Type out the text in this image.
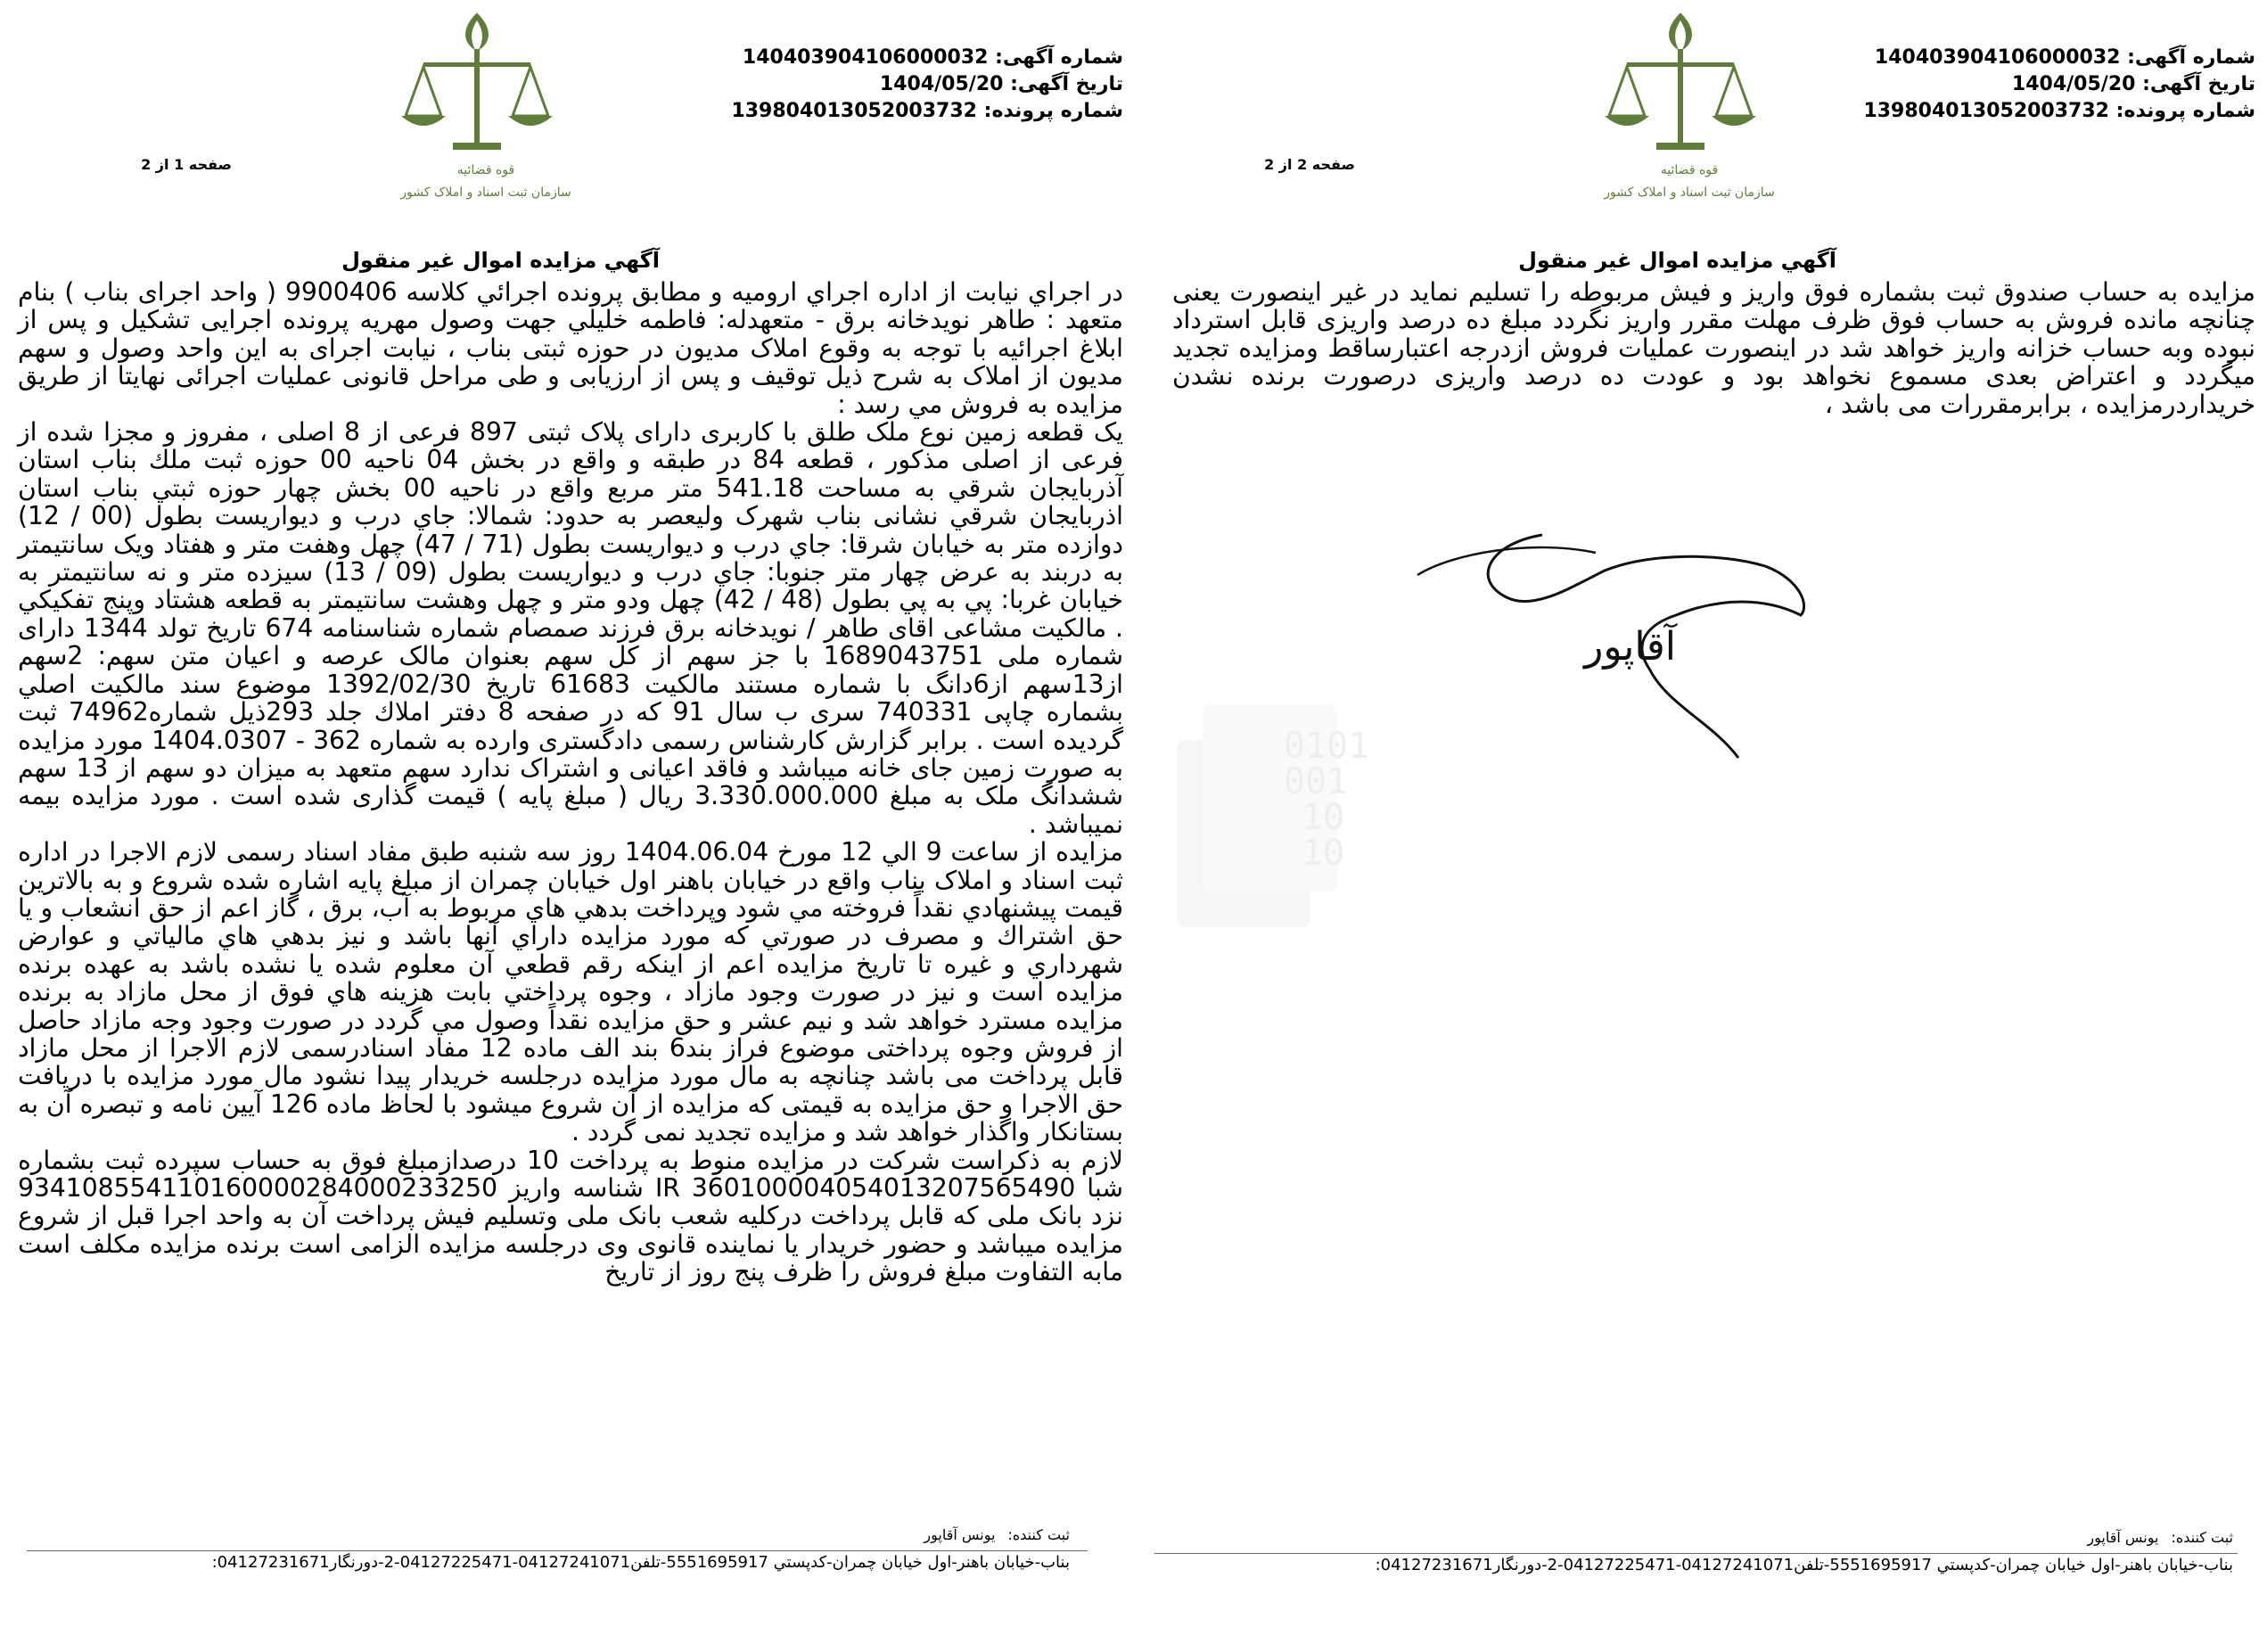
0101
001
10
10
شماره آگهی: 140403904106000032
تاریخ آگهی: 1404/05/20
شماره پرونده: 139804013052003732
قوه قضائیه
سازمان ثبت اسناد و املاک کشور
صفحه 2 از 2
آگهي مزايده اموال غير منقول
مزایده به حساب صندوق ثبت بشماره فوق واریز و فیش مربوطه را تسلیم نماید در غیر اینصورت یعنی چنانچه مانده فروش به حساب فوق ظرف مهلت مقرر واریز نگردد مبلغ ده درصد واریزی قابل استرداد نبوده وبه حساب خزانه واریز خواهد شد در اینصورت عملیات فروش ازدرجه اعتبارساقط ومزایده تجدید میگردد و اعتراض بعدی مسموع نخواهد بود و عودت ده درصد واریزی درصورت برنده نشدن خریداردرمزایده ، برابرمقررات می باشد ،
آقاپور
ثبت کننده:یونس آقاپور
بناب-خيابان باهنر-اول خيابان چمران-كدپستي 5551695917-تلفن04127241071-04127225471-2-دورنگار04127231671:
شماره آگهی: 140403904106000032
تاریخ آگهی: 1404/05/20
شماره پرونده: 139804013052003732
قوه قضائیه
سازمان ثبت اسناد و املاک کشور
صفحه 1 از 2
آگهي مزايده اموال غير منقول
در اجراي نيابت از اداره اجراي اروميه و مطابق پرونده اجرائي كلاسه 9900406 ( واحد اجرای بناب ) بنام متعهد : طاهر نويدخانه برق - متعهدله: فاطمه خليلي جهت وصول مهريه پرونده اجرایی تشكيل و پس از ابلاغ اجرائيه با توجه به وقوع املاک مديون در حوزه ثبتی بناب ، نيابت اجرای به اين واحد وصول و سهم مديون از املاک به شرح ذيل توقيف و پس از ارزيابی و طی مراحل قانونی عمليات اجرائی نهايتا از طريق مزايده به فروش مي رسد :
يک قطعه زمين نوع ملک طلق با کاربری دارای پلاک ثبتی 897 فرعی از 8 اصلی ، مفروز و مجزا شده از فرعی از اصلی مذکور ، قطعه 84 در طبقه و واقع در بخش 04 ناحيه 00 حوزه ثبت ملك بناب استان آذربايجان شرقي به مساحت 541.18 متر مربع واقع در ناحيه 00 بخش چهار حوزه ثبتي بناب استان اذربايجان شرقي نشانی بناب شهرک وليعصر به حدود: شمالا: جاي درب و ديواريست بطول (00 / 12) دوازده متر به خيابان شرقا: جاي درب و ديواريست بطول (71 / 47) چهل وهفت متر و هفتاد ويک سانتيمتر به دربند به عرض چهار متر جنوبا: جاي درب و ديواريست بطول (09 / 13) سيزده متر و نه سانتيمتر به خيابان غربا: پي به پي بطول (48 / 42) چهل ودو متر و چهل وهشت سانتيمتر به قطعه هشتاد وپنج تفكيكي . مالکيت مشاعی اقای طاهر / نويدخانه برق فرزند صمصام شماره شناسنامه 674 تاريخ تولد 1344 دارای شماره ملی 1689043751 با جز سهم از کل سهم بعنوان مالک عرصه و اعيان متن سهم: 2سهم از13سهم از6دانگ با شماره مستند مالکيت 61683 تاريخ 1392/02/30 موضوع سند مالكيت اصلي بشماره چاپی 740331 سری ب سال 91 كه در صفحه 8 دفتر املاك جلد 293ذيل شماره74962 ثبت گرديده است . برابر گزارش كارشناس رسمی دادگستری وارده به شماره 362 - 1404.0307 مورد مزايده به صورت زمين جای خانه ميباشد و فاقد اعيانی و اشتراک ندارد سهم متعهد به ميزان دو سهم از 13 سهم ششدانگ ملک به مبلغ 3.330.000.000 ريال ( مبلغ پايه ) قيمت گذاری شده است . مورد مزايده بيمه نميباشد .
مزايده از ساعت 9 الي 12 مورخ 1404.06.04 روز سه شنبه طبق مفاد اسناد رسمی لازم الاجرا در اداره ثبت اسناد و املاک بناب واقع در خيابان باهنر اول خيابان چمران از مبلغ پايه اشاره شده شروع و به بالاترين قيمت پيشنهادي نقداً فروخته مي شود وپرداخت بدهي هاي مربوط به آب، برق ، گاز اعم از حق انشعاب و يا حق اشتراك و مصرف در صورتي كه مورد مزايده داراي آنها باشد و نيز بدهي هاي مالياتي و عوارض شهرداري و غيره تا تاريخ مزايده اعم از اينكه رقم قطعي آن معلوم شده يا نشده باشد به عهده برنده مزايده است و نيز در صورت وجود مازاد ، وجوه پرداختي بابت هزينه هاي فوق از محل مازاد به برنده مزايده مسترد خواهد شد و نيم عشر و حق مزايده نقداً وصول مي گردد در صورت وجود وجه مازاد حاصل از فروش وجوه پرداختی موضوع فراز بند6 بند الف ماده 12 مفاد اسنادرسمی لازم الاجرا از محل مازاد قابل پرداخت می باشد چنانچه به مال مورد مزايده درجلسه خريدار پيدا نشود مال مورد مزايده با دريافت حق الاجرا و حق مزايده به قيمتی كه مزايده از آن شروع ميشود با لحاظ ماده 126 آيين نامه و تبصره آن به بستانكار واگذار خواهد شد و مزايده تجديد نمی گردد .
لازم به ذکراست شرکت در مزایده منوط به پرداخت 10 درصدازمبلغ فوق به حساب سپرده ثبت بشماره شبا IR 360100004054013207565490 شناسه واریز 934108554110160000284000233250 نزد بانک ملی که قابل پرداخت درکلیه شعب بانک ملی وتسلیم فیش پرداخت آن به واحد اجرا قبل از شروع مزایده میباشد و حضور خریدار یا نماینده قانوی وی درجلسه مزایده الزامی است برنده مزایده مکلف است مابه التفاوت مبلغ فروش را ظرف پنج روز از تاریخ
ثبت کننده:یونس آقاپور
بناب-خيابان باهنر-اول خيابان چمران-كدپستي 5551695917-تلفن04127241071-04127225471-2-دورنگار04127231671:
